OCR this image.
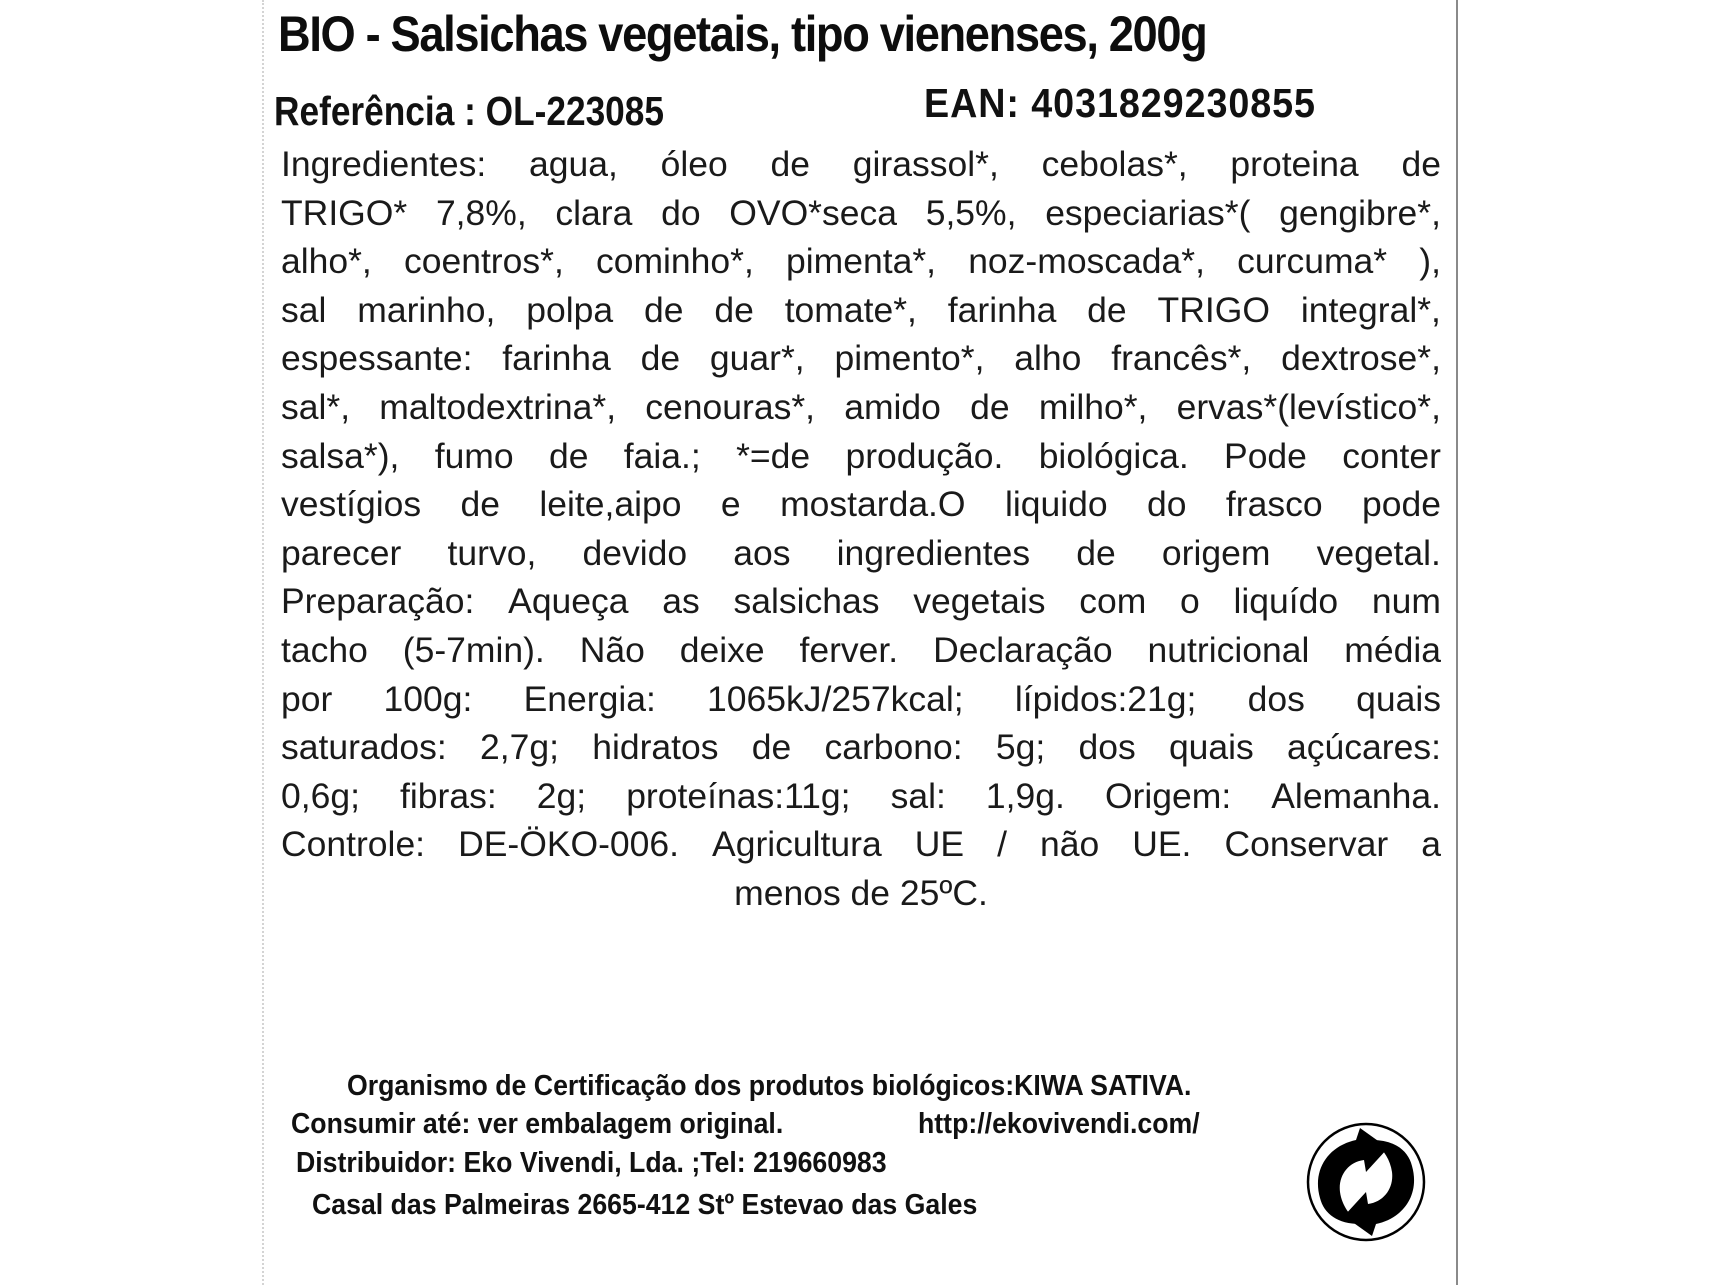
BIO - Salsichas vegetais, tipo vienenses, 200g
Referência : OL-223085	EAN: 4031829230855
Ingredientes: agua, óleo de girassol*, cebolas*, proteina de
TRIGO* 7,8%, clara do OVO*seca 5,5%, especiarias*( gengibre*,
alho*, coentros*, cominho*, pimenta*, noz-moscada*, curcuma* ),
sal marinho, polpa de de tomate*, farinha de TRIGO integral*,
espessante: farinha de guar*, pimento*, alho francês*, dextrose*,
sal*, maltodextrina*, cenouras*, amido de milho*, ervas*(levístico*,
salsa*), fumo de faia.; *=de produção. biológica. Pode conter
vestígios de leite,aipo e mostarda.O liquido do frasco pode
parecer turvo, devido aos ingredientes de origem vegetal.
Preparação: Aqueça as salsichas vegetais com o liquído num
tacho (5-7min). Não deixe ferver. Declaração nutricional média
por 100g: Energia: 1065kJ/257kcal; lípidos:21g; dos quais
saturados: 2,7g; hidratos de carbono: 5g; dos quais açúcares:
0,6g; fibras: 2g; proteínas:11g; sal: 1,9g. Origem: Alemanha.
Controle: DE-ÖKO-006. Agricultura UE / não UE. Conservar a
menos de 25ºC.
Organismo de Certificação dos produtos biológicos:KIWA SATIVA.
Consumir até: ver embalagem original.	http://ekovivendi.com/
Distribuidor: Eko Vivendi, Lda. ;Tel: 219660983
Casal das Palmeiras 2665-412 Stº Estevao das Gales
